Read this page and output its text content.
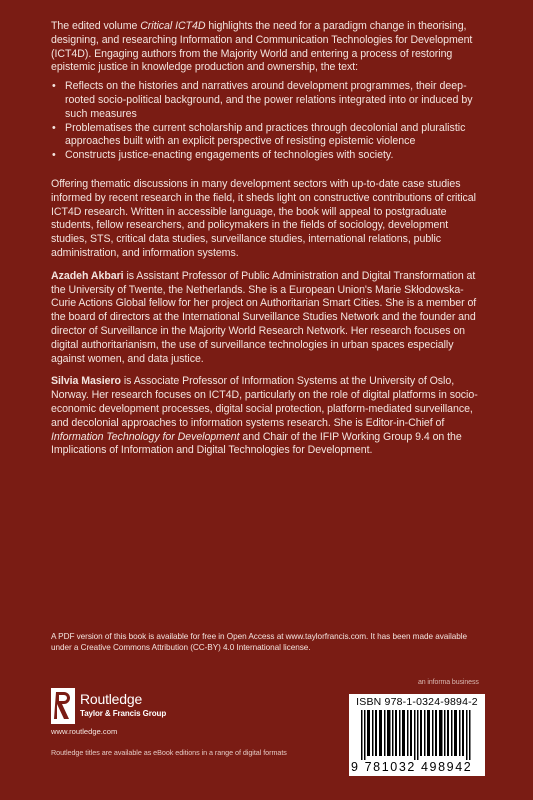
The edited volume Critical ICT4D highlights the need for a paradigm change in theorising, designing, and researching Information and Communication Technologies for Development (ICT4D). Engaging authors from the Majority World and entering a process of restoring epistemic justice in knowledge production and ownership, the text:

• Reflects on the histories and narratives around development programmes, their deep-rooted socio-political background, and the power relations integrated into or induced by such measures
• Problematises the current scholarship and practices through decolonial and pluralistic approaches built with an explicit perspective of resisting epistemic violence
• Constructs justice-enacting engagements of technologies with society.

Offering thematic discussions in many development sectors with up-to-date case studies informed by recent research in the field, it sheds light on constructive contributions of critical ICT4D research. Written in accessible language, the book will appeal to postgraduate students, fellow researchers, and policymakers in the fields of sociology, development studies, STS, critical data studies, surveillance studies, international relations, public administration, and information systems.

Azadeh Akbari is Assistant Professor of Public Administration and Digital Transformation at the University of Twente, the Netherlands. She is a European Union's Marie Skłodowska-Curie Actions Global fellow for her project on Authoritarian Smart Cities. She is a member of the board of directors at the International Surveillance Studies Network and the founder and director of Surveillance in the Majority World Research Network. Her research focuses on digital authoritarianism, the use of surveillance technologies in urban spaces especially against women, and data justice.

Silvia Masiero is Associate Professor of Information Systems at the University of Oslo, Norway. Her research focuses on ICT4D, particularly on the role of digital platforms in socio-economic development processes, digital social protection, platform-mediated surveillance, and decolonial approaches to information systems research. She is Editor-in-Chief of Information Technology for Development and Chair of the IFIP Working Group 9.4 on the Implications of Information and Digital Technologies for Development.

A PDF version of this book is available for free in Open Access at www.taylorfrancis.com. It has been made available under a Creative Commons Attribution (CC-BY) 4.0 International license.

an informa business
ISBN 978-1-0324-9894-2
9 781032 498942
Routledge
Taylor & Francis Group
www.routledge.com
Routledge titles are available as eBook editions in a range of digital formats
